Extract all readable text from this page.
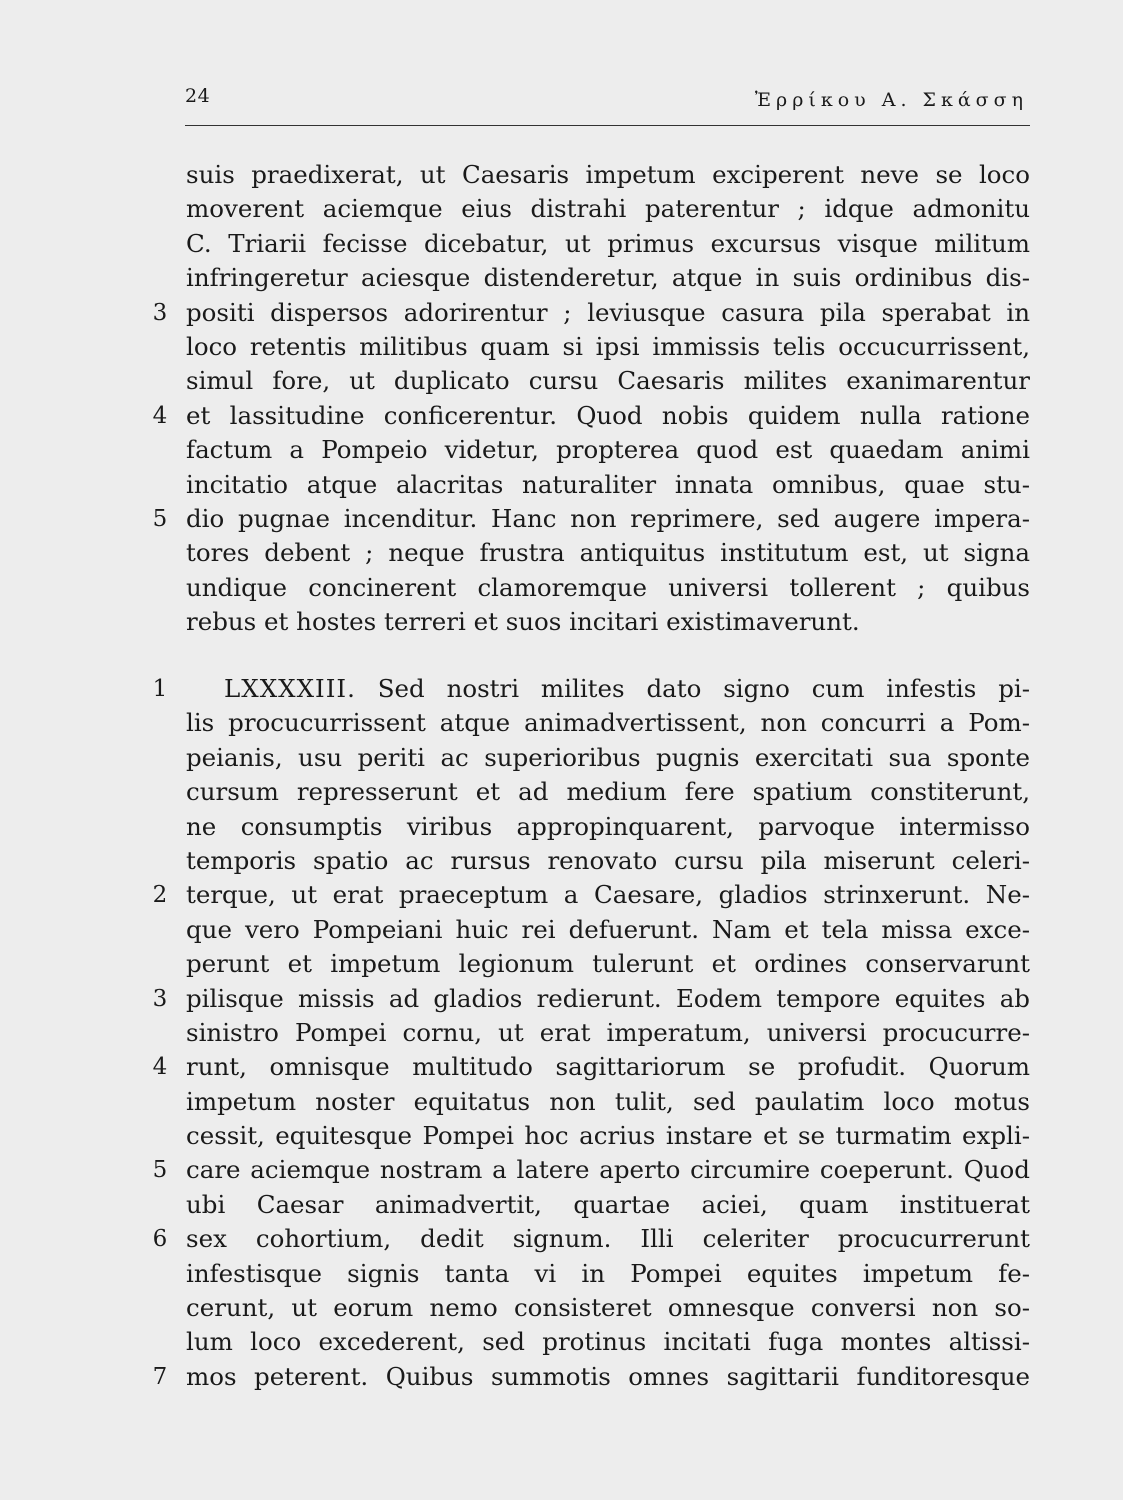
24	Ἐρρίκου Α. Σκάσση
suis praedixerat, ut Caesaris impetum exciperent neve se loco
moverent aciemque eius distrahi paterentur ; idque admonitu
C. Triarii fecisse dicebatur, ut primus excursus visque militum
infringeretur aciesque distenderetur, atque in suis ordinibus dis-
3 positi dispersos adorirentur ; leviusque casura pila sperabat in
loco retentis militibus quam si ipsi immissis telis occucurrissent,
simul fore, ut duplicato cursu Caesaris milites exanimarentur
4 et lassitudine conficerentur. Quod nobis quidem nulla ratione
factum a Pompeio videtur, propterea quod est quaedam animi
incitatio atque alacritas naturaliter innata omnibus, quae stu-
5 dio pugnae incenditur. Hanc non reprimere, sed augere impera-
tores debent ; neque frustra antiquitus institutum est, ut signa
undique concinerent clamoremque universi tollerent ; quibus
rebus et hostes terreri et suos incitari existimaverunt.
1	LXXXXIII. Sed nostri milites dato signo cum infestis pi-
lis procucurrissent atque animadvertissent, non concurri a Pom-
peianis, usu periti ac superioribus pugnis exercitati sua sponte
cursum represserunt et ad medium fere spatium constiterunt,
ne consumptis viribus appropinquarent, parvoque intermisso
temporis spatio ac rursus renovato cursu pila miserunt celeri-
2 terque, ut erat praeceptum a Caesare, gladios strinxerunt. Ne-
que vero Pompeiani huic rei defuerunt. Nam et tela missa exce-
perunt et impetum legionum tulerunt et ordines conservarunt
3 pilisque missis ad gladios redierunt. Eodem tempore equites ab
sinistro Pompei cornu, ut erat imperatum, universi procucurre-
4 runt, omnisque multitudo sagittariorum se profudit. Quorum
impetum noster equitatus non tulit, sed paulatim loco motus
cessit, equitesque Pompei hoc acrius instare et se turmatim expli-
5 care aciemque nostram a latere aperto circumire coeperunt. Quod
ubi Caesar animadvertit, quartae aciei, quam instituerat
6 sex cohortium, dedit signum. Illi celeriter procucurrerunt
infestisque signis tanta vi in Pompei equites impetum fe-
cerunt, ut eorum nemo consisteret omnesque conversi non so-
lum loco excederent, sed protinus incitati fuga montes altissi-
7 mos peterent. Quibus summotis omnes sagittarii funditoresque
